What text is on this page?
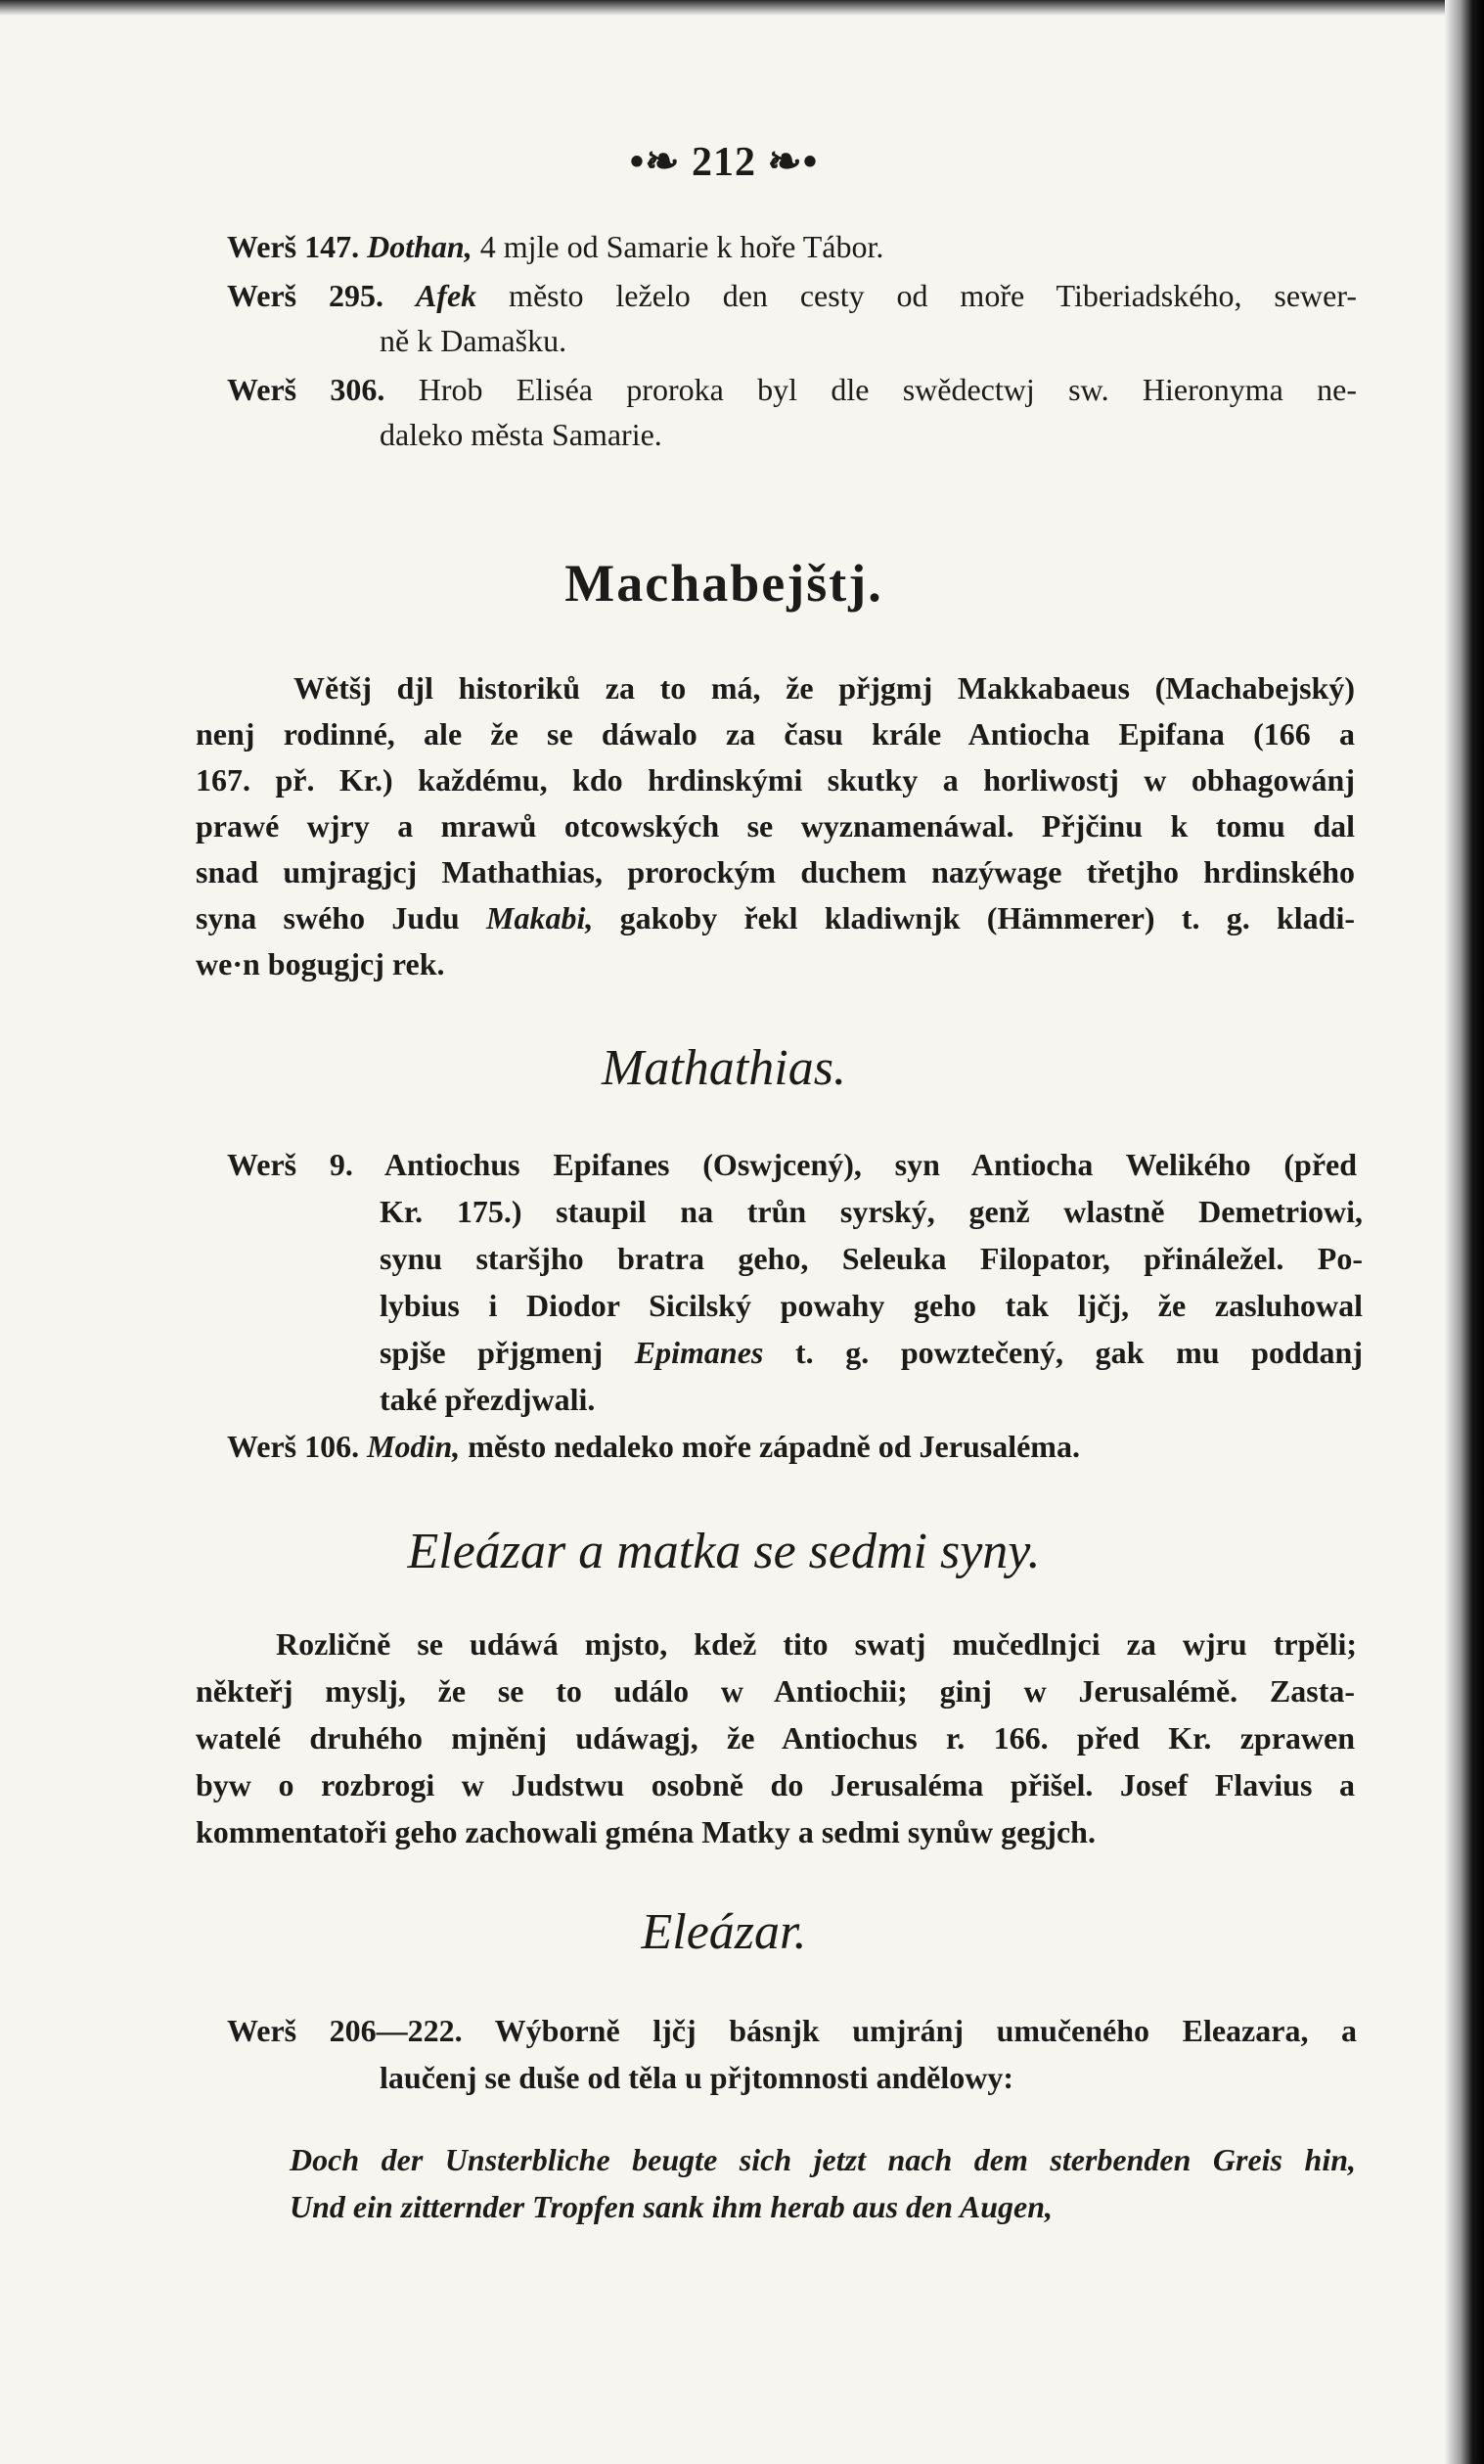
•❧ 212 ❧•
Werš 147. Dothan, 4 mjle od Samarie k hoře Tábor.
Werš 295. Afek město leželo den cesty od moře Tiberiadského, sewer-
ně k Damašku.
Werš 306. Hrob Eliséa proroka byl dle swědectwj sw. Hieronyma ne-
daleko města Samarie.
Machabejštj.
Wětšj djl historiků za to má, že přjgmj Makkabaeus (Machabejský)
nenj rodinné, ale že se dáwalo za času krále Antiocha Epifana (166 a
167. př. Kr.) každému, kdo hrdinskými skutky a horliwostj w obhagowánj
prawé wjry a mrawů otcowských se wyznamenáwal. Přjčinu k tomu dal
snad umjragjcj Mathathias, prorockým duchem nazýwage třetjho hrdinského
syna swého Judu Makabi, gakoby řekl kladiwnjk (Hämmerer) t. g. kladi-
we·n bogugjcj rek.
Mathathias.
Werš 9. Antiochus Epifanes (Oswjcený), syn Antiocha Welikého (před
Kr. 175.) staupil na trůn syrský, genž wlastně Demetriowi,
synu staršjho bratra geho, Seleuka Filopator, přináležel. Po-
lybius i Diodor Sicilský powahy geho tak ljčj, že zasluhowal
spjše přjgmenj Epimanes t. g. powztečený, gak mu poddanj
také přezdjwali.
Werš 106. Modin, město nedaleko moře západně od Jerusaléma.
Eleázar a matka se sedmi syny.
Rozličně se udáwá mjsto, kdež tito swatj mučedlnjci za wjru trpěli;
někteřj myslj, že se to událo w Antiochii; ginj w Jerusalémě. Zasta-
watelé druhého mjněnj udáwagj, že Antiochus r. 166. před Kr. zprawen
byw o rozbrogi w Judstwu osobně do Jerusaléma přišel. Josef Flavius a
kommentatoři geho zachowali gména Matky a sedmi synůw gegjch.
Eleázar.
Werš 206—222. Wýborně ljčj básnjk umjránj umučeného Eleazara, a
laučenj se duše od těla u přjtomnosti andělowy:
Doch der Unsterbliche beugte sich jetzt nach dem sterbenden Greis hin,
Und ein zitternder Tropfen sank ihm herab aus den Augen,
